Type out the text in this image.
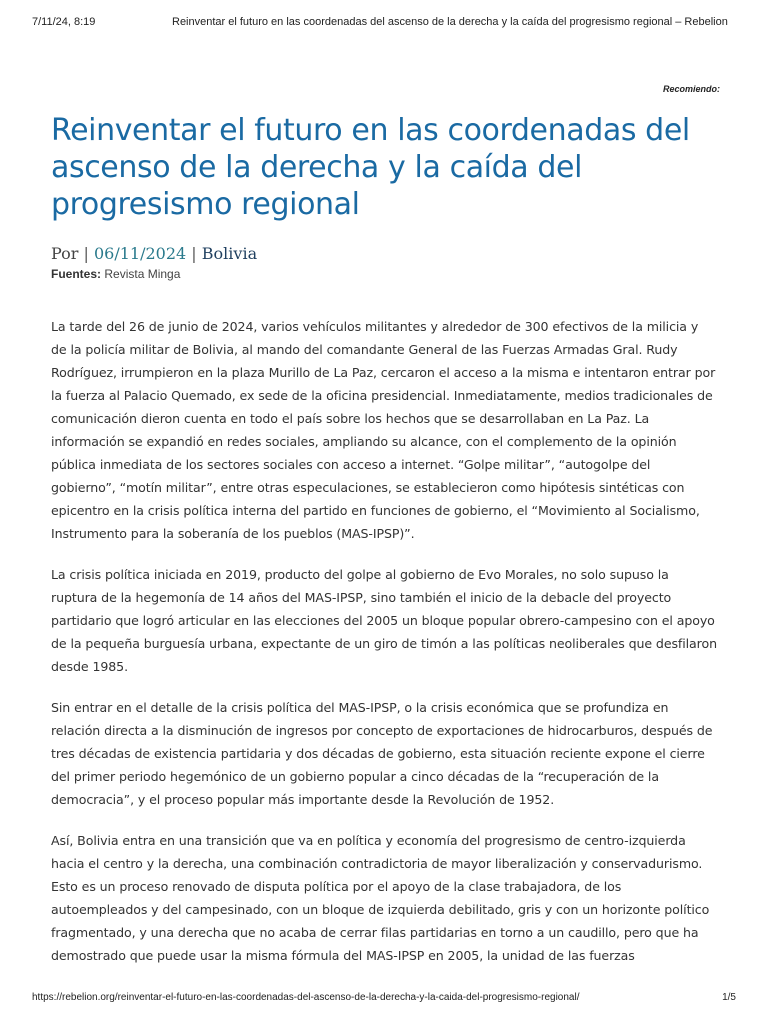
7/11/24, 8:19	Reinventar el futuro en las coordenadas del ascenso de la derecha y la caída del progresismo regional – Rebelion
Recomiendo:
Reinventar el futuro en las coordenadas del ascenso de la derecha y la caída del progresismo regional
Por | 06/11/2024 | Bolivia
Fuentes: Revista Minga

La tarde del 26 de junio de 2024, varios vehículos militantes y alrededor de 300 efectivos de la milicia y de la policía militar de Bolivia, al mando del comandante General de las Fuerzas Armadas Gral. Rudy Rodríguez, irrumpieron en la plaza Murillo de La Paz, cercaron el acceso a la misma e intentaron entrar por la fuerza al Palacio Quemado, ex sede de la oficina presidencial. Inmediatamente, medios tradicionales de comunicación dieron cuenta en todo el país sobre los hechos que se desarrollaban en La Paz. La información se expandió en redes sociales, ampliando su alcance, con el complemento de la opinión pública inmediata de los sectores sociales con acceso a internet. “Golpe militar”, “autogolpe del gobierno”, “motín militar”, entre otras especulaciones, se establecieron como hipótesis sintéticas con epicentro en la crisis política interna del partido en funciones de gobierno, el “Movimiento al Socialismo, Instrumento para la soberanía de los pueblos (MAS-IPSP)”.

La crisis política iniciada en 2019, producto del golpe al gobierno de Evo Morales, no solo supuso la ruptura de la hegemonía de 14 años del MAS-IPSP, sino también el inicio de la debacle del proyecto partidario que logró articular en las elecciones del 2005 un bloque popular obrero-campesino con el apoyo de la pequeña burguesía urbana, expectante de un giro de timón a las políticas neoliberales que desfilaron desde 1985.

Sin entrar en el detalle de la crisis política del MAS-IPSP, o la crisis económica que se profundiza en relación directa a la disminución de ingresos por concepto de exportaciones de hidrocarburos, después de tres décadas de existencia partidaria y dos décadas de gobierno, esta situación reciente expone el cierre del primer periodo hegemónico de un gobierno popular a cinco décadas de la “recuperación de la democracia”, y el proceso popular más importante desde la Revolución de 1952.

Así, Bolivia entra en una transición que va en política y economía del progresismo de centro-izquierda hacia el centro y la derecha, una combinación contradictoria de mayor liberalización y conservadurismo. Esto es un proceso renovado de disputa política por el apoyo de la clase trabajadora, de los autoempleados y del campesinado, con un bloque de izquierda debilitado, gris y con un horizonte político fragmentado, y una derecha que no acaba de cerrar filas partidarias en torno a un caudillo, pero que ha demostrado que puede usar la misma fórmula del MAS-IPSP en 2005, la unidad de las fuerzas

https://rebelion.org/reinventar-el-futuro-en-las-coordenadas-del-ascenso-de-la-derecha-y-la-caida-del-progresismo-regional/	1/5
